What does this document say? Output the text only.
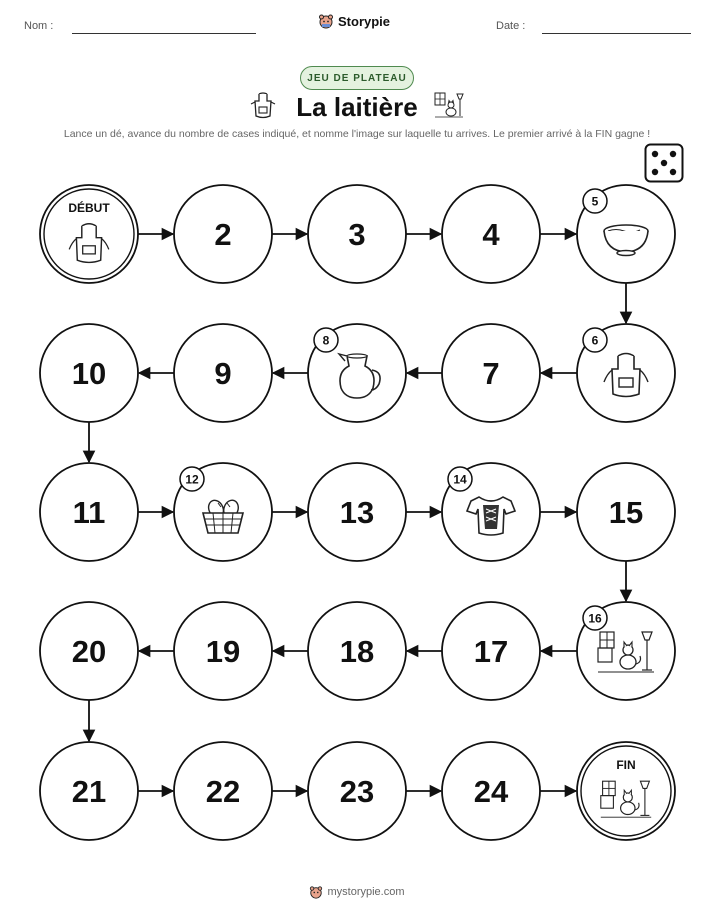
Nom :	Date :
Storypie
JEU DE PLATEAU
La laitière
Lance un dé, avance du nombre de cases indiqué, et nomme l'image sur laquelle tu arrives. Le premier arrivé à la FIN gagne !
DÉBUT
2	3	4
5
6
7
8
9
10
11
12
13
14
15
16
17
18
19
20
21	22	23	24
FIN
mystorypie.com
